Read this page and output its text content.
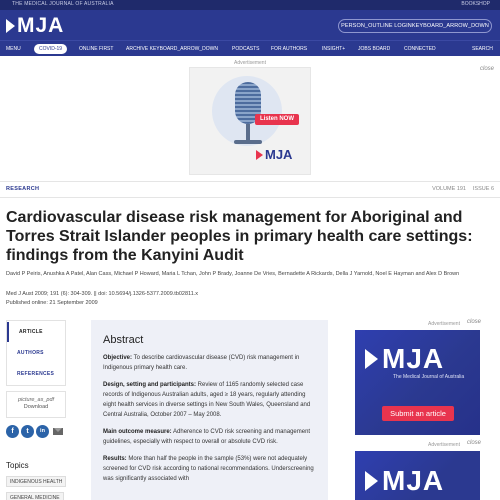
THE MEDICAL JOURNAL OF AUSTRALIA	BOOKSHOP
MJA	PERSON_OUTLINE LOGINKEYBOARD_ARROW_DOWN
MENU	COVID-19	ONLINE FIRST	ARCHIVE KEYBOARD_ARROW_DOWN	PODCASTS FOR AUTHORS	INSIGHT+	JOBS BOARD	CONNECTED	SEARCH
Advertisement
close
Listen NOW
MJA
RESEARCH	VOLUME 191 ISSUE 6
Cardiovascular disease risk management for Aboriginal and Torres Strait Islander peoples in primary health care settings: findings from the Kanyini Audit
David P Peiris, Anushka A Patel, Alan Cass, Michael P Howard, Maria L Tchan, John P Brady, Joanne De Vries, Bernadette A Rickards, Della J Yarnold, Noel E Hayman and Alex D Brown
Med J Aust 2009; 191 (6): 304-309. || doi: 10.5694/j.1326-5377.2009.tb02811.x
Published online: 21 September 2009
ARTICLE
AUTHORS
REFERENCES
picture_as_pdf
Download
f	t	in
Topics
INDIGENOUS HEALTH
GENERAL MEDICINE
Abstract

Objective: To describe cardiovascular disease (CVD) risk management in Indigenous primary health care.

Design, setting and participants: Review of 1165 randomly selected case records of Indigenous Australian adults, aged ≥ 18 years, regularly attending eight health services in diverse settings in New South Wales, Queensland and Central Australia, October 2007 – May 2008.

Main outcome measure: Adherence to CVD risk screening and management guidelines, especially with respect to overall or absolute CVD risk.

Results: More than half the people in the sample (53%) were not adequately screened for CVD risk according to national recommendations. Underscreening was significantly associated with

Advertisement close
MJA
The Medical Journal of Australia
Submit an article
Advertisement close
MJA
